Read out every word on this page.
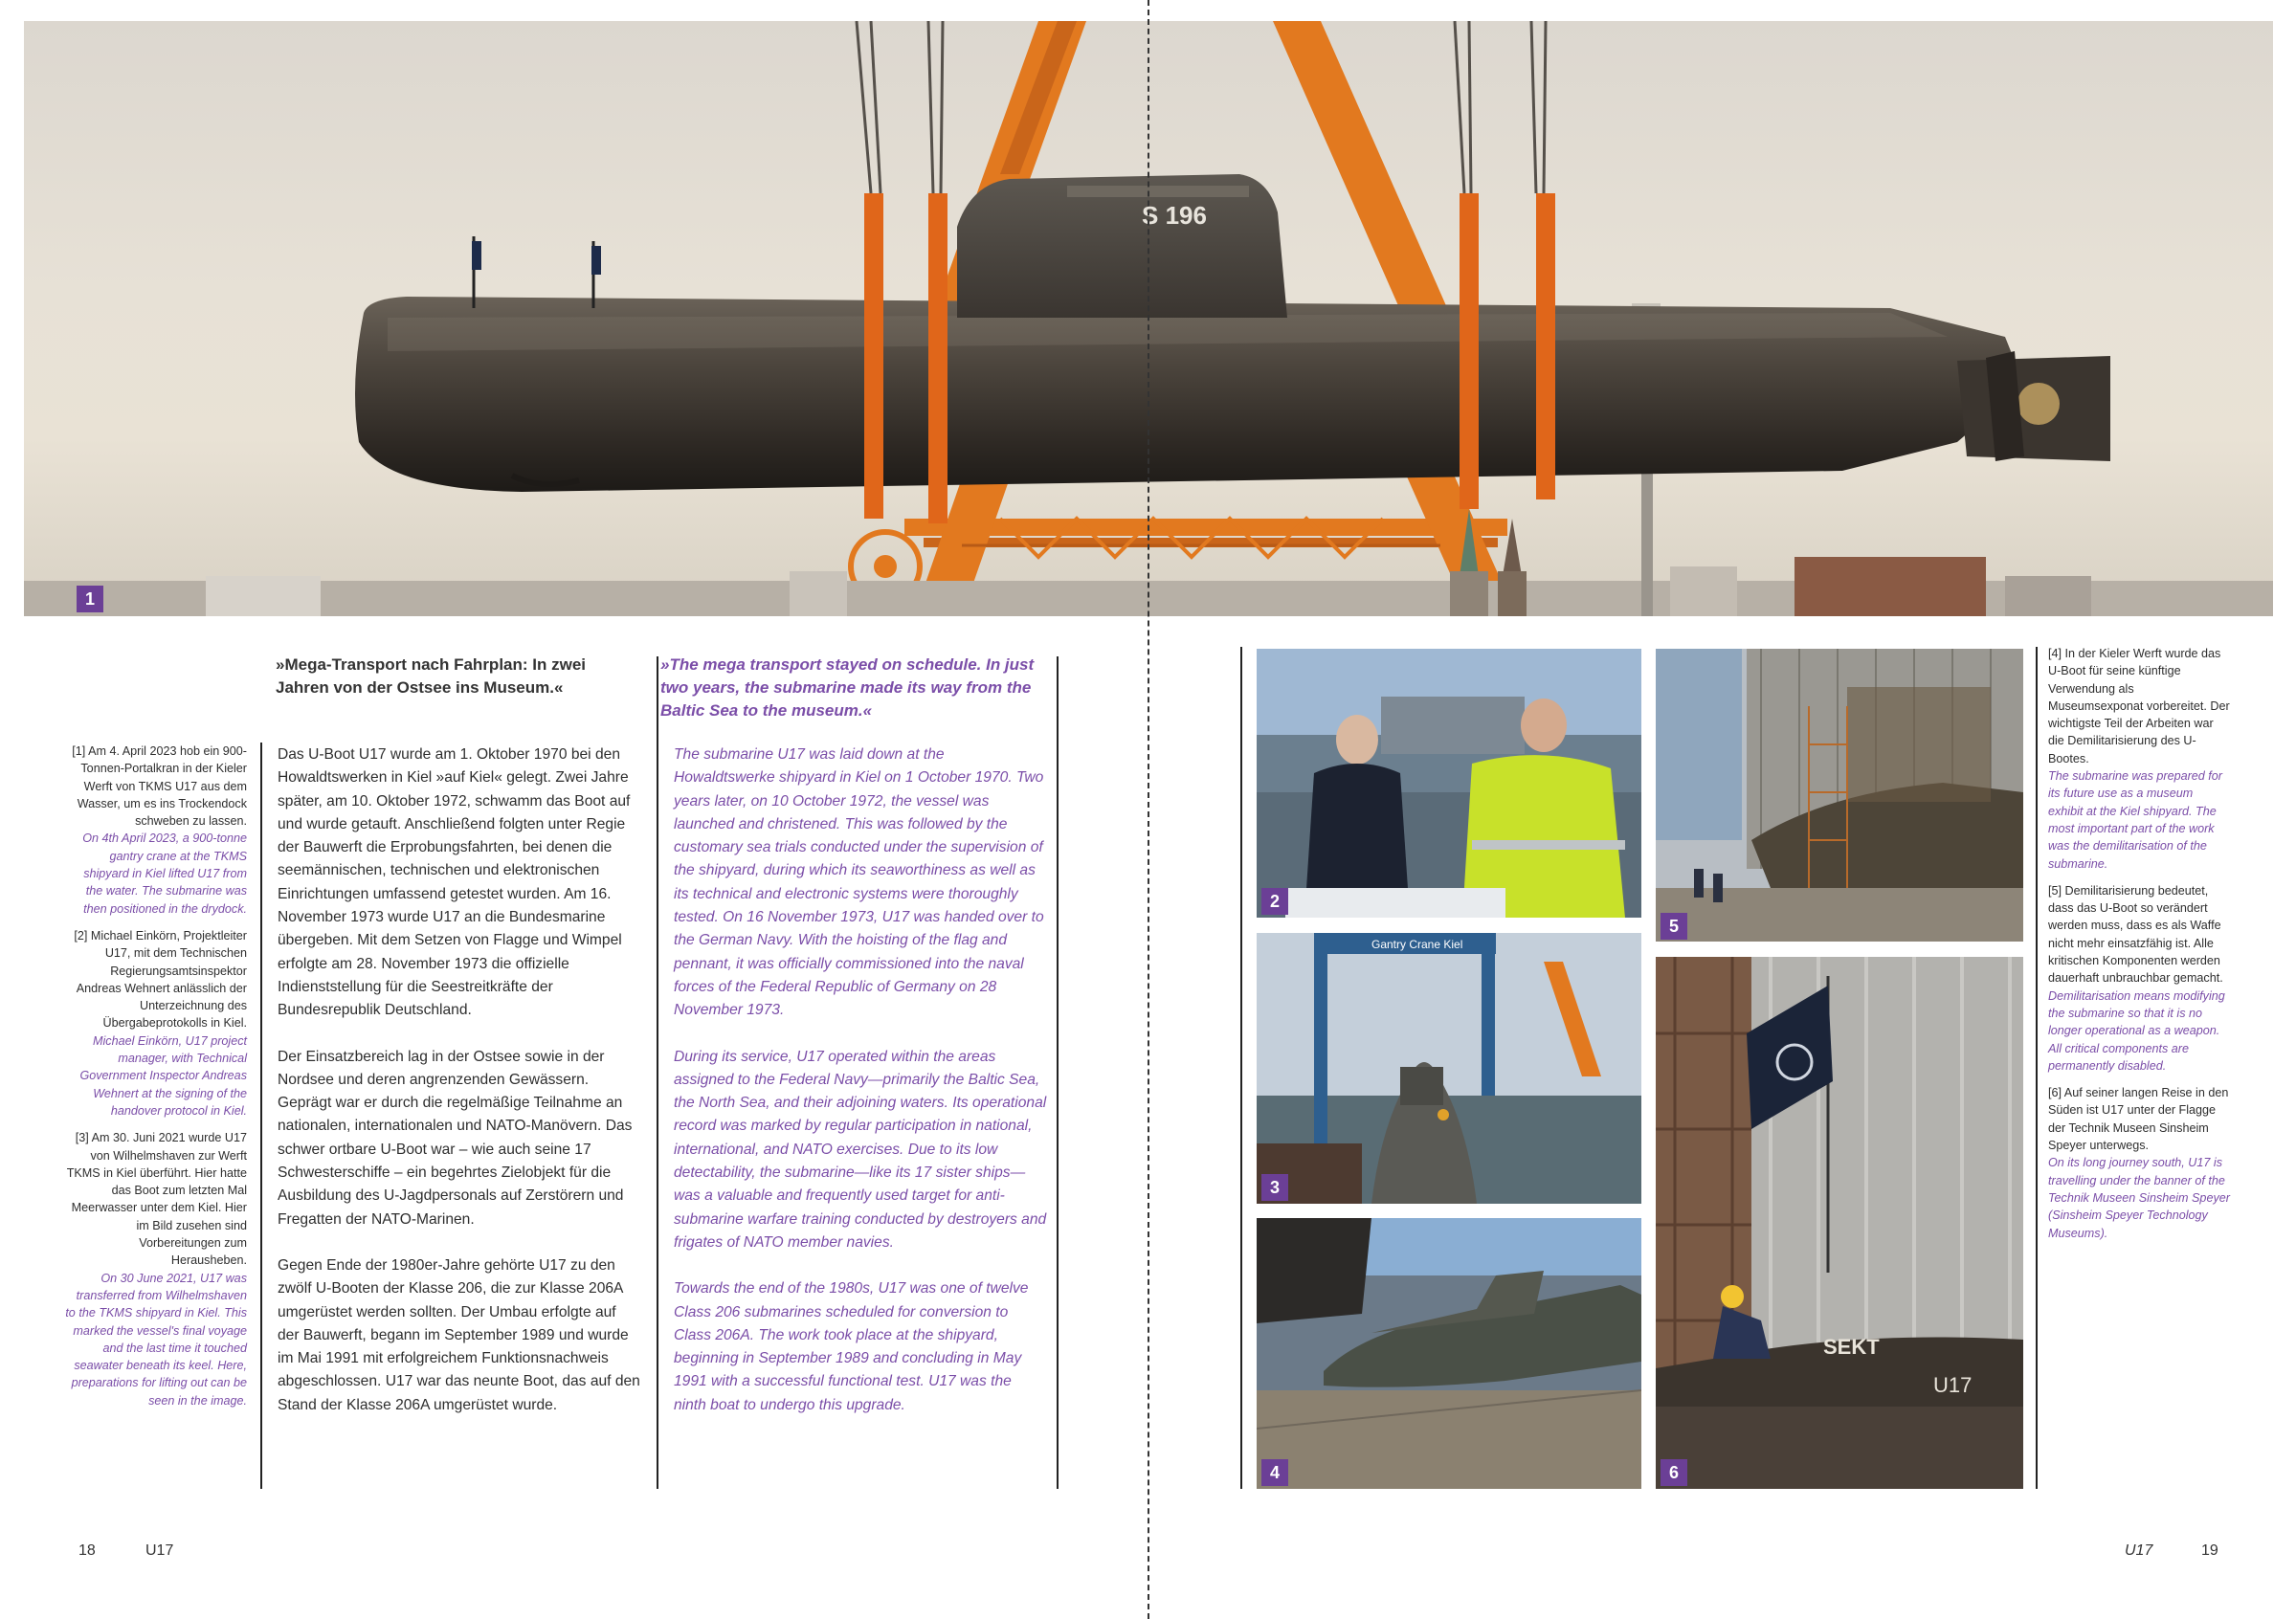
S 196
1
»Mega-Transport nach Fahrplan: In zwei Jahren von der Ostsee ins Museum.«
»The mega transport stayed on schedule. In just two years, the submarine made its way from the Baltic Sea to the museum.«

[1] Am 4. April 2023 hob ein 900-Tonnen-Portalkran in der Kieler Werft von TKMS U17 aus dem Wasser, um es ins Trockendock schweben zu lassen.
On 4th April 2023, a 900-tonne gantry crane at the TKMS shipyard in Kiel lifted U17 from the water. The submarine was then positioned in the drydock.

[2] Michael Einkörn, Projektleiter U17, mit dem Technischen Regierungsamtsinspektor Andreas Wehnert anlässlich der Unterzeichnung des Übergabeprotokolls in Kiel.
Michael Einkörn, U17 project manager, with Technical Government Inspector Andreas Wehnert at the signing of the handover protocol in Kiel.

[3] Am 30. Juni 2021 wurde U17 von Wilhelmshaven zur Werft TKMS in Kiel überführt. Hier hatte das Boot zum letzten Mal Meerwasser unter dem Kiel. Hier im Bild zusehen sind Vorbereitungen zum Herausheben.
On 30 June 2021, U17 was transferred from Wilhelmshaven to the TKMS shipyard in Kiel. This marked the vessel's final voyage and the last time it touched seawater beneath its keel. Here, preparations for lifting out can be seen in the image.

Das U-Boot U17 wurde am 1. Oktober 1970 bei den Howaldtswerken in Kiel »auf Kiel« gelegt. Zwei Jahre später, am 10. Oktober 1972, schwamm das Boot auf und wurde getauft. Anschließend folgten unter Regie der Bauwerft die Erprobungsfahrten, bei denen die seemännischen, technischen und elektronischen Einrichtungen umfassend getestet wurden. Am 16. November 1973 wurde U17 an die Bundesmarine übergeben. Mit dem Setzen von Flagge und Wimpel erfolgte am 28. November 1973 die offizielle Indienststellung für die Seestreitkräfte der Bundesrepublik Deutschland.

Der Einsatzbereich lag in der Ostsee sowie in der Nordsee und deren angrenzenden Gewässern. Geprägt war er durch die regelmäßige Teilnahme an nationalen, internationalen und NATO-Manövern. Das schwer ortbare U-Boot war – wie auch seine 17 Schwesterschiffe – ein begehrtes Zielobjekt für die Ausbildung des U-Jagdpersonals auf Zerstörern und Fregatten der NATO-Marinen.

Gegen Ende der 1980er-Jahre gehörte U17 zu den zwölf U-Booten der Klasse 206, die zur Klasse 206A umgerüstet werden sollten. Der Umbau erfolgte auf der Bauwerft, begann im September 1989 und wurde im Mai 1991 mit erfolgreichem Funktionsnachweis abgeschlossen. U17 war das neunte Boot, das auf den Stand der Klasse 206A umgerüstet wurde.

The submarine U17 was laid down at the Howaldtswerke shipyard in Kiel on 1 October 1970. Two years later, on 10 October 1972, the vessel was launched and christened. This was followed by the customary sea trials conducted under the supervision of the shipyard, during which its seaworthiness as well as its technical and electronic systems were thoroughly tested. On 16 November 1973, U17 was handed over to the German Navy. With the hoisting of the flag and pennant, it was officially commissioned into the naval forces of the Federal Republic of Germany on 28 November 1973.

During its service, U17 operated within the areas assigned to the Federal Navy—primarily the Baltic Sea, the North Sea, and their adjoining waters. Its operational record was marked by regular participation in national, international, and NATO exercises. Due to its low detectability, the submarine—like its 17 sister ships—was a valuable and frequently used target for anti-submarine warfare training conducted by destroyers and frigates of NATO member navies.

Towards the end of the 1980s, U17 was one of twelve Class 206 submarines scheduled for conversion to Class 206A. The work took place at the shipyard, beginning in September 1989 and concluding in May 1991 with a successful functional test. U17 was the ninth boat to undergo this upgrade.

18	U17
2
Gantry Crane Kiel
3
4
5
SEKT
U17
6

[4] In der Kieler Werft wurde das U-Boot für seine künftige Verwendung als Museumsexponat vorbereitet. Der wichtigste Teil der Arbeiten war die Demilitarisierung des U-Bootes.
The submarine was prepared for its future use as a museum exhibit at the Kiel shipyard. The most important part of the work was the demilitarisation of the submarine.

[5] Demilitarisierung bedeutet, dass das U-Boot so verändert werden muss, dass es als Waffe nicht mehr einsatzfähig ist. Alle kritischen Komponenten werden dauerhaft unbrauchbar gemacht.
Demilitarisation means modifying the submarine so that it is no longer operational as a weapon. All critical components are permanently disabled.

[6] Auf seiner langen Reise in den Süden ist U17 unter der Flagge der Technik Museen Sinsheim Speyer unterwegs.
On its long journey south, U17 is travelling under the banner of the Technik Museen Sinsheim Speyer (Sinsheim Speyer Technology Museums).

U17	19
